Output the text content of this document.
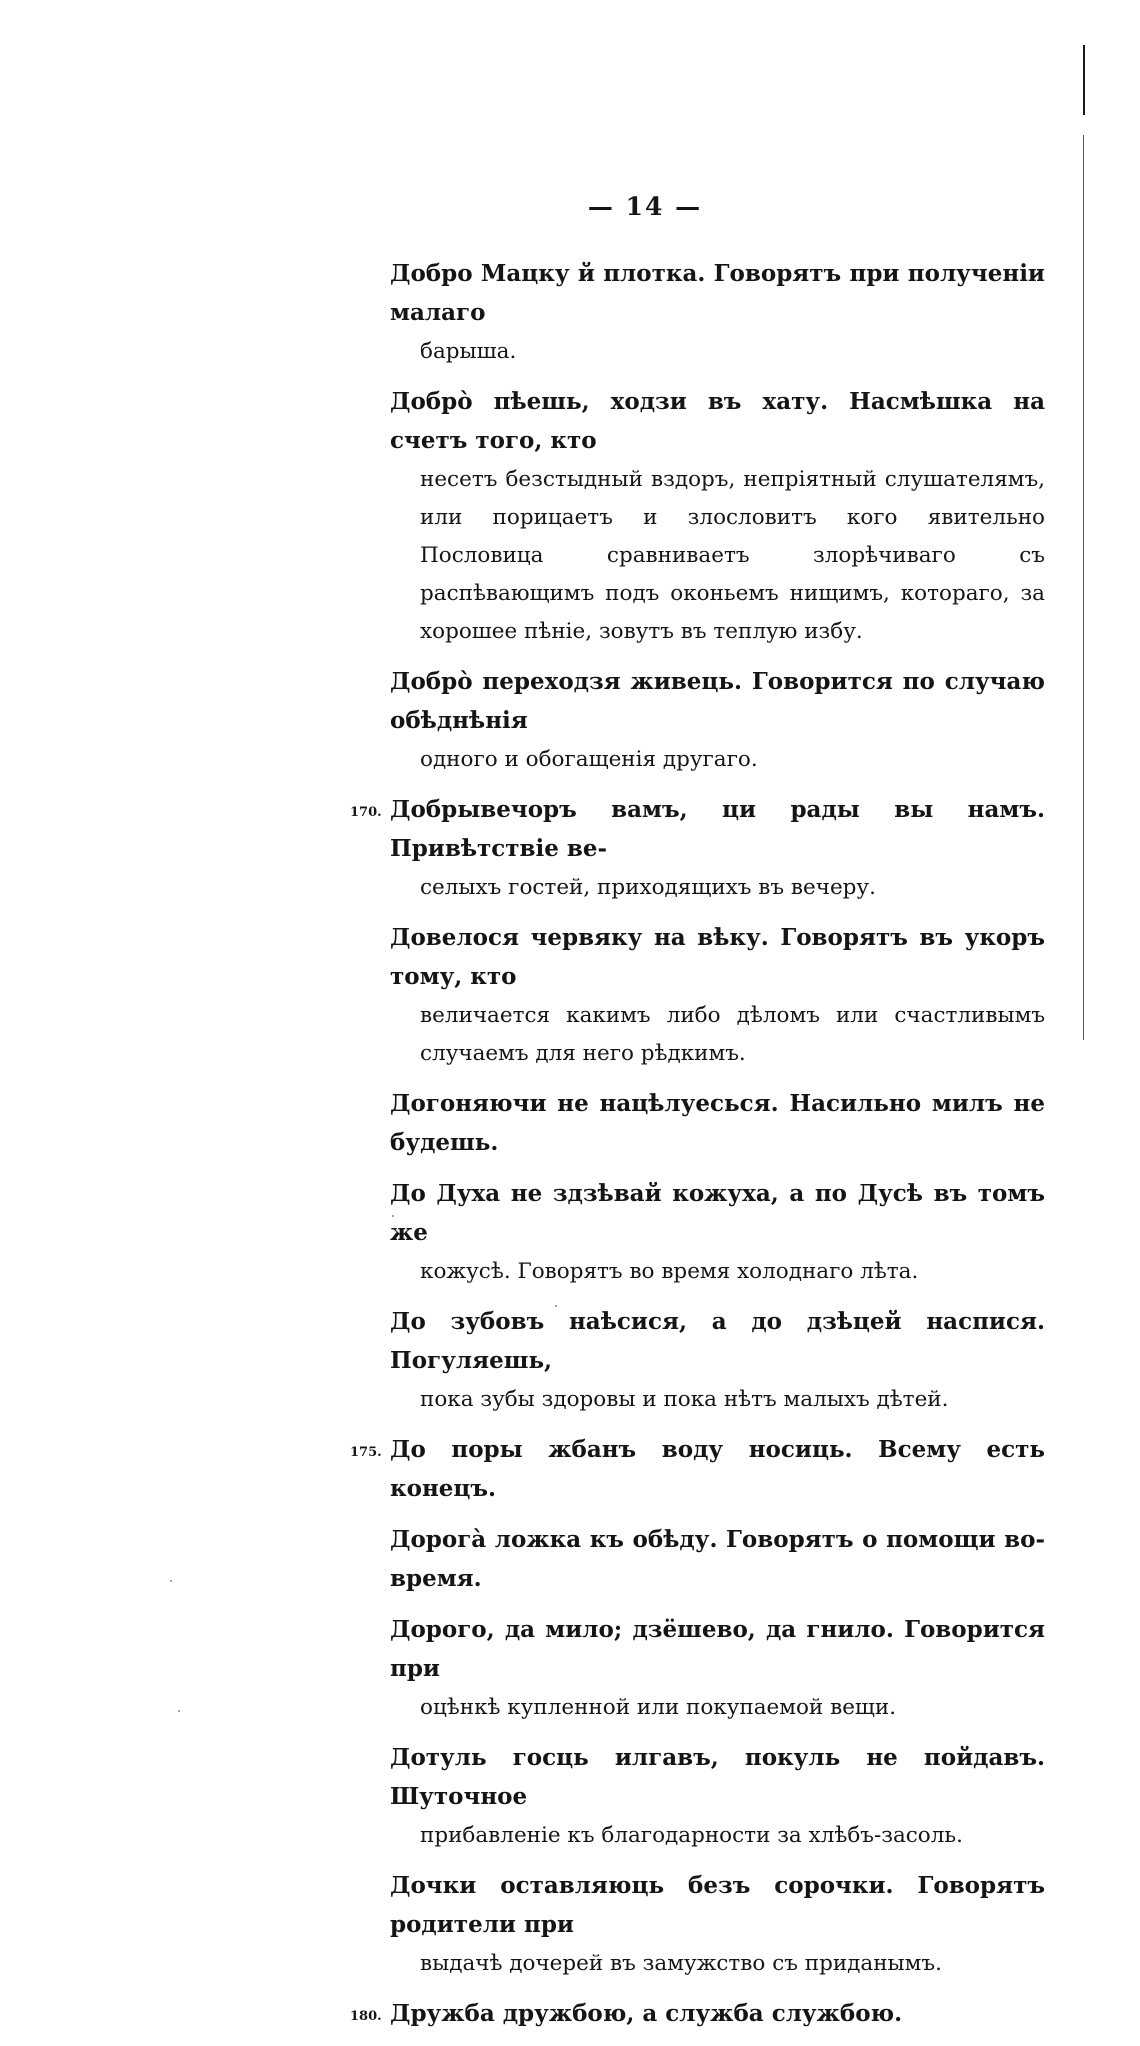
— 14 —
Добро Мацку й плотка. Говорятъ при полученіи малаго
барыша.
Добрò пѣешь, ходзи въ хату. Насмѣшка на счетъ того, кто
несетъ безстыдный вздоръ, непріятный слушателямъ, или порицаетъ и злословитъ кого явительно Пословица сравниваетъ злорѣчиваго съ распѣвающимъ подъ оконьемъ нищимъ, котораго, за хорошее пѣніе, зовутъ въ теплую избу.
Добрò переходзя живець. Говорится по случаю обѣднѣнія
одного и обогащенія другаго.
170. Добрывечоръ вамъ, ци рады вы намъ. Привѣтствіе ве-
селыхъ гостей, приходящихъ въ вечеру.
Довелося червяку на вѣку. Говорятъ въ укоръ тому, кто
величается какимъ либо дѣломъ или счастливымъ случаемъ для него рѣдкимъ.
Догоняючи не нацѣлуесься. Насильно милъ не будешь.
До Духа не здзѣвай кожуха, а по Дусѣ въ томъ же
кожусѣ. Говорятъ во время холоднаго лѣта.
До зубовъ наѣсися, а до дзѣцей наспися. Погуляешь,
пока зубы здоровы и пока нѣтъ малыхъ дѣтей.
175. До поры жбанъ воду носиць. Всему есть конецъ.
Дорогà ложка къ обѣду. Говорятъ о помощи во-время.
Дорого, да мило; дзёшево, да гнило. Говорится при
оцѣнкѣ купленной или покупаемой вещи.
Дотуль госць илгавъ, покуль не пойдавъ. Шуточное
прибавленіе къ благодарности за хлѣбъ-засоль.
Дочки оставляюць безъ сорочки. Говорятъ родители при
выдачѣ дочерей въ замужство съ приданымъ.
180. Дружба дружбою, а служба службою.
